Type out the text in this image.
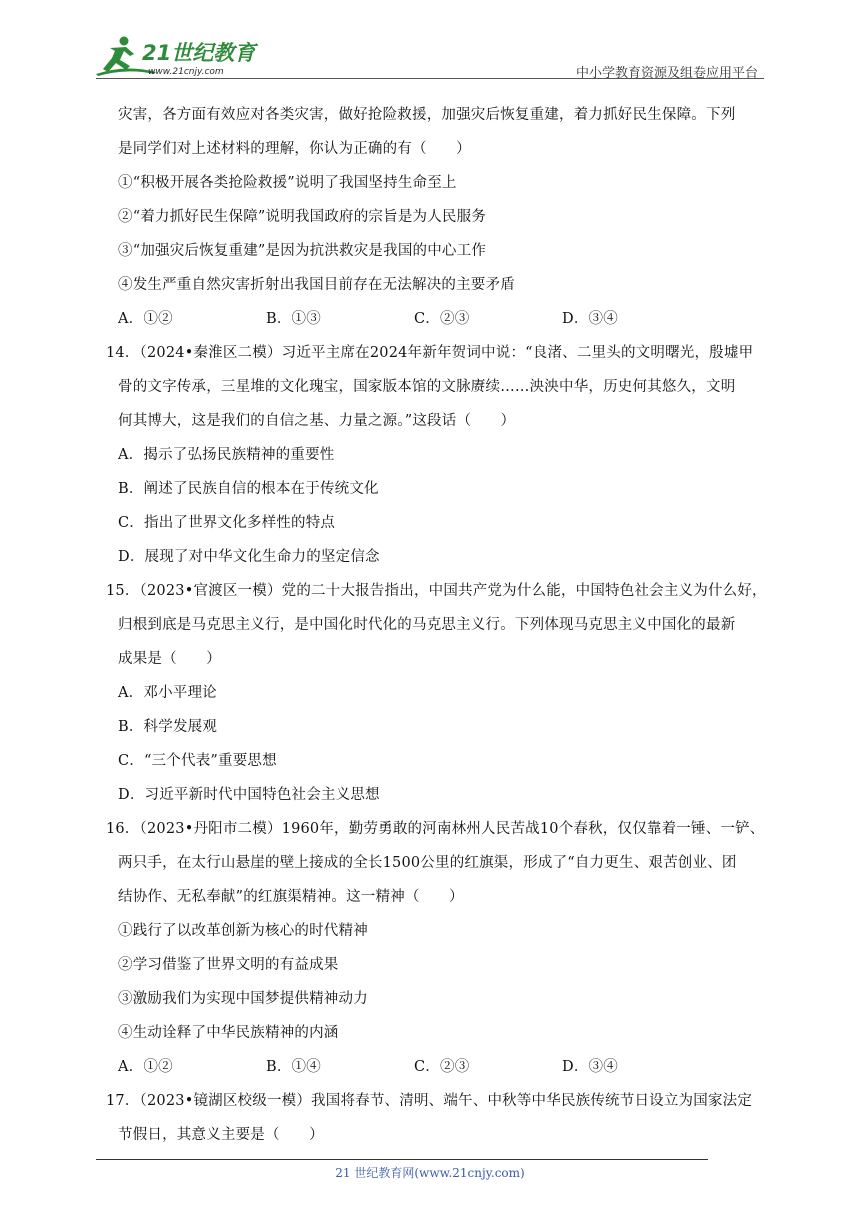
21世纪教育
www.21cnjy.com	中小学教育资源及组卷应用平台
灾害，各方面有效应对各类灾害，做好抢险救援，加强灾后恢复重建，着力抓好民生保障。下列
是同学们对上述材料的理解，你认为正确的有（　　）
①“积极开展各类抢险救援”说明了我国坚持生命至上
②“着力抓好民生保障”说明我国政府的宗旨是为人民服务
③“加强灾后恢复重建”是因为抗洪救灾是我国的中心工作
④发生严重自然灾害折射出我国目前存在无法解决的主要矛盾
A．①②	B．①③	C．②③	D．③④
14．（2024•秦淮区二模）习近平主席在2024年新年贺词中说：“良渚、二里头的文明曙光，殷墟甲
骨的文字传承，三星堆的文化瑰宝，国家版本馆的文脉赓续……泱泱中华，历史何其悠久，文明
何其博大，这是我们的自信之基、力量之源。”这段话（　　）
A．揭示了弘扬民族精神的重要性
B．阐述了民族自信的根本在于传统文化
C．指出了世界文化多样性的特点
D．展现了对中华文化生命力的坚定信念
15．（2023•官渡区一模）党的二十大报告指出，中国共产党为什么能，中国特色社会主义为什么好，
归根到底是马克思主义行，是中国化时代化的马克思主义行。下列体现马克思主义中国化的最新
成果是（　　）
A．邓小平理论
B．科学发展观
C．“三个代表”重要思想
D．习近平新时代中国特色社会主义思想
16．（2023•丹阳市二模）1960年，勤劳勇敢的河南林州人民苦战10个春秋，仅仅靠着一锤、一铲、
两只手，在太行山悬崖的壁上接成的全长1500公里的红旗渠，形成了“自力更生、艰苦创业、团
结协作、无私奉献”的红旗渠精神。这一精神（　　）
①践行了以改革创新为核心的时代精神
②学习借鉴了世界文明的有益成果
③激励我们为实现中国梦提供精神动力
④生动诠释了中华民族精神的内涵
A．①②	B．①④	C．②③	D．③④
17．（2023•镜湖区校级一模）我国将春节、清明、端午、中秋等中华民族传统节日设立为国家法定
节假日，其意义主要是（　　）
21 世纪教育网(www.21cnjy.com)
